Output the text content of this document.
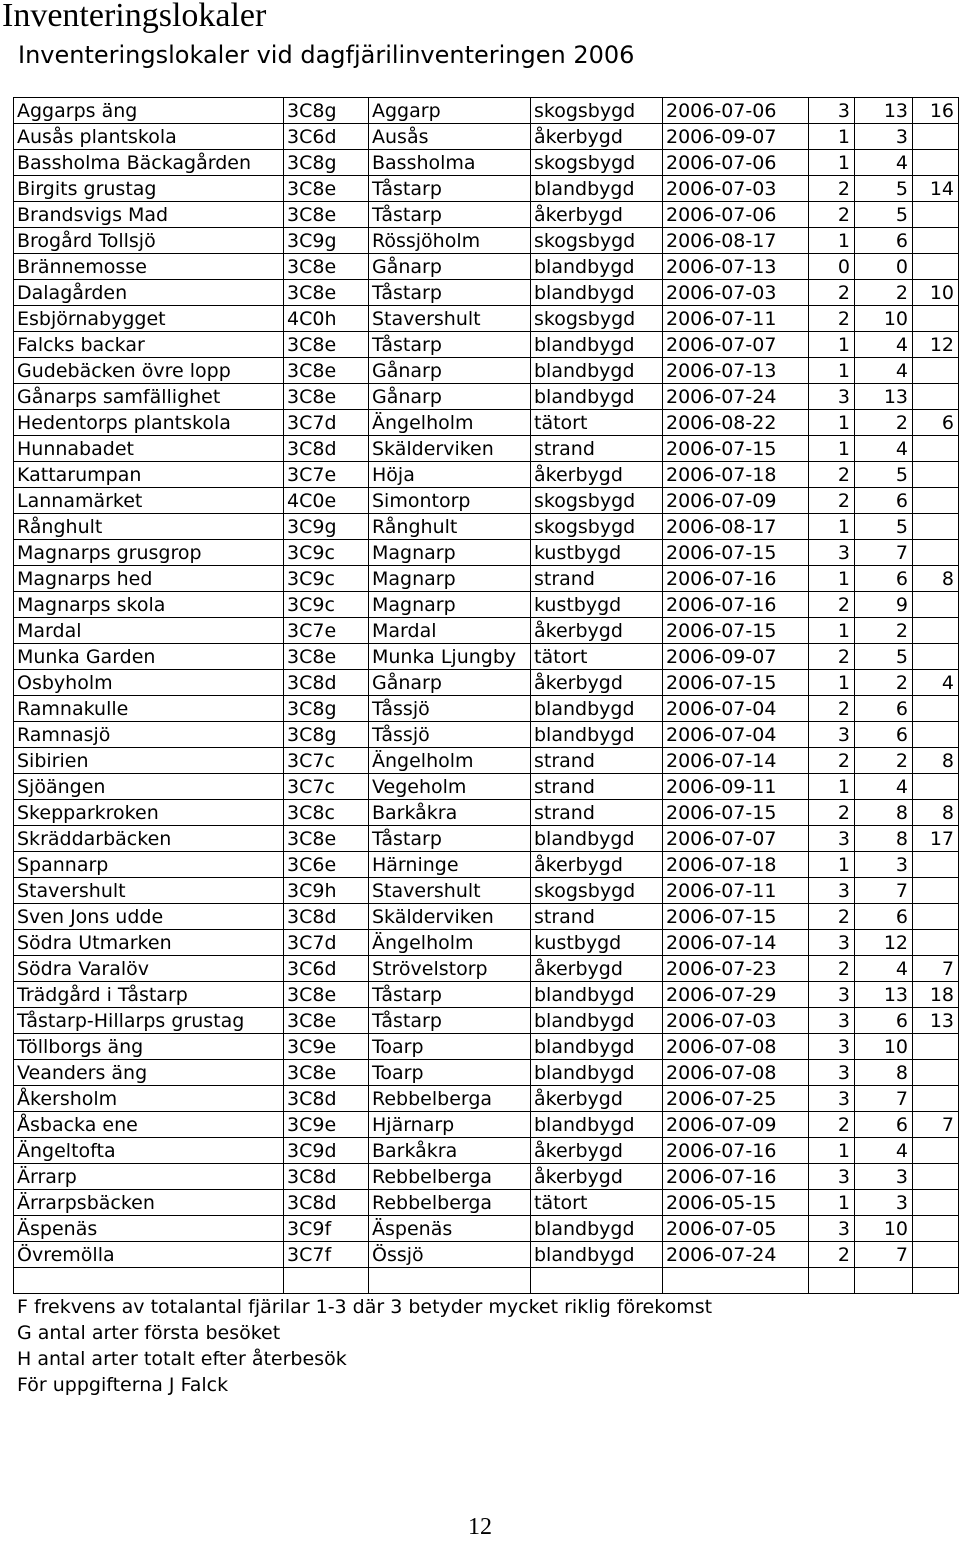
Inventeringslokaler
Inventeringslokaler vid dagfjärilinventeringen 2006
Aggarps äng	3C8g	Aggarp	skogsbygd	2006-07-06	3	13	16
Ausås plantskola	3C6d	Ausås	åkerbygd	2006-09-07	1	3	
Bassholma Bäckagården	3C8g	Bassholma	skogsbygd	2006-07-06	1	4	
Birgits grustag	3C8e	Tåstarp	blandbygd	2006-07-03	2	5	14
Brandsvigs Mad	3C8e	Tåstarp	åkerbygd	2006-07-06	2	5	
Brogård Tollsjö	3C9g	Rössjöholm	skogsbygd	2006-08-17	1	6	
Brännemosse	3C8e	Gånarp	blandbygd	2006-07-13	0	0	
Dalagården	3C8e	Tåstarp	blandbygd	2006-07-03	2	2	10
Esbjörnabygget	4C0h	Stavershult	skogsbygd	2006-07-11	2	10	
Falcks backar	3C8e	Tåstarp	blandbygd	2006-07-07	1	4	12
Gudebäcken övre lopp	3C8e	Gånarp	blandbygd	2006-07-13	1	4	
Gånarps samfällighet	3C8e	Gånarp	blandbygd	2006-07-24	3	13	
Hedentorps plantskola	3C7d	Ängelholm	tätort	2006-08-22	1	2	6
Hunnabadet	3C8d	Skälderviken	strand	2006-07-15	1	4	
Kattarumpan	3C7e	Höja	åkerbygd	2006-07-18	2	5	
Lannamärket	4C0e	Simontorp	skogsbygd	2006-07-09	2	6	
Rånghult	3C9g	Rånghult	skogsbygd	2006-08-17	1	5	
Magnarps grusgrop	3C9c	Magnarp	kustbygd	2006-07-15	3	7	
Magnarps hed	3C9c	Magnarp	strand	2006-07-16	1	6	8
Magnarps skola	3C9c	Magnarp	kustbygd	2006-07-16	2	9	
Mardal	3C7e	Mardal	åkerbygd	2006-07-15	1	2	
Munka Garden	3C8e	Munka Ljungby	tätort	2006-09-07	2	5	
Osbyholm	3C8d	Gånarp	åkerbygd	2006-07-15	1	2	4
Ramnakulle	3C8g	Tåssjö	blandbygd	2006-07-04	2	6	
Ramnasjö	3C8g	Tåssjö	blandbygd	2006-07-04	3	6	
Sibirien	3C7c	Ängelholm	strand	2006-07-14	2	2	8
Sjöängen	3C7c	Vegeholm	strand	2006-09-11	1	4	
Skepparkroken	3C8c	Barkåkra	strand	2006-07-15	2	8	8
Skräddarbäcken	3C8e	Tåstarp	blandbygd	2006-07-07	3	8	17
Spannarp	3C6e	Härninge	åkerbygd	2006-07-18	1	3	
Stavershult	3C9h	Stavershult	skogsbygd	2006-07-11	3	7	
Sven Jons udde	3C8d	Skälderviken	strand	2006-07-15	2	6	
Södra Utmarken	3C7d	Ängelholm	kustbygd	2006-07-14	3	12	
Södra Varalöv	3C6d	Strövelstorp	åkerbygd	2006-07-23	2	4	7
Trädgård i Tåstarp	3C8e	Tåstarp	blandbygd	2006-07-29	3	13	18
Tåstarp-Hillarps grustag	3C8e	Tåstarp	blandbygd	2006-07-03	3	6	13
Töllborgs äng	3C9e	Toarp	blandbygd	2006-07-08	3	10	
Veanders äng	3C8e	Toarp	blandbygd	2006-07-08	3	8	
Åkersholm	3C8d	Rebbelberga	åkerbygd	2006-07-25	3	7	
Åsbacka ene	3C9e	Hjärnarp	blandbygd	2006-07-09	2	6	7
Ängeltofta	3C9d	Barkåkra	åkerbygd	2006-07-16	1	4	
Ärrarp	3C8d	Rebbelberga	åkerbygd	2006-07-16	3	3	
Ärrarpsbäcken	3C8d	Rebbelberga	tätort	2006-05-15	1	3	
Äspenäs	3C9f	Äspenäs	blandbygd	2006-07-05	3	10	
Övremölla	3C7f	Össjö	blandbygd	2006-07-24	2	7	

F frekvens av totalantal fjärilar 1-3 där 3 betyder mycket riklig förekomst
G antal arter första besöket
H antal arter totalt efter återbesök
För uppgifterna J Falck
12
